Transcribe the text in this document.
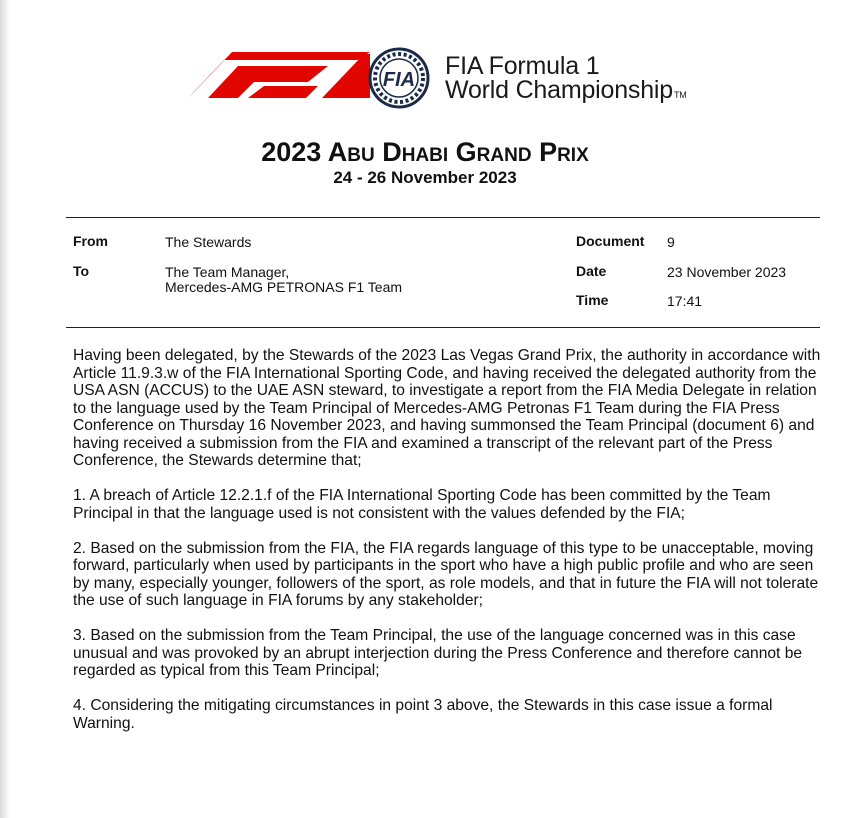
FIA FIA Formula 1
World ChampionshipTM
2023 Abu Dhabi Grand Prix
24 - 26 November 2023
From	The Stewards
To	The Team Manager,
Mercedes-AMG PETRONAS F1 Team
Document 9
Date	23 November 2023
Time	17:41

Having been delegated, by the Stewards of the 2023 Las Vegas Grand Prix, the authority in accordance with Article 11.9.3.w of the FIA International Sporting Code, and having received the delegated authority from the USA ASN (ACCUS) to the UAE ASN steward, to investigate a report from the FIA Media Delegate in relation to the language used by the Team Principal of Mercedes-AMG Petronas F1 Team during the FIA Press Conference on Thursday 16 November 2023, and having summonsed the Team Principal (document 6) and having received a submission from the FIA and examined a transcript of the relevant part of the Press Conference, the Stewards determine that;

1. A breach of Article 12.2.1.f of the FIA International Sporting Code has been committed by the Team Principal in that the language used is not consistent with the values defended by the FIA;

2. Based on the submission from the FIA, the FIA regards language of this type to be unacceptable, moving forward, particularly when used by participants in the sport who have a high public profile and who are seen by many, especially younger, followers of the sport, as role models, and that in future the FIA will not tolerate the use of such language in FIA forums by any stakeholder;

3. Based on the submission from the Team Principal, the use of the language concerned was in this case unusual and was provoked by an abrupt interjection during the Press Conference and therefore cannot be regarded as typical from this Team Principal;

4. Considering the mitigating circumstances in point 3 above, the Stewards in this case issue a formal Warning.
